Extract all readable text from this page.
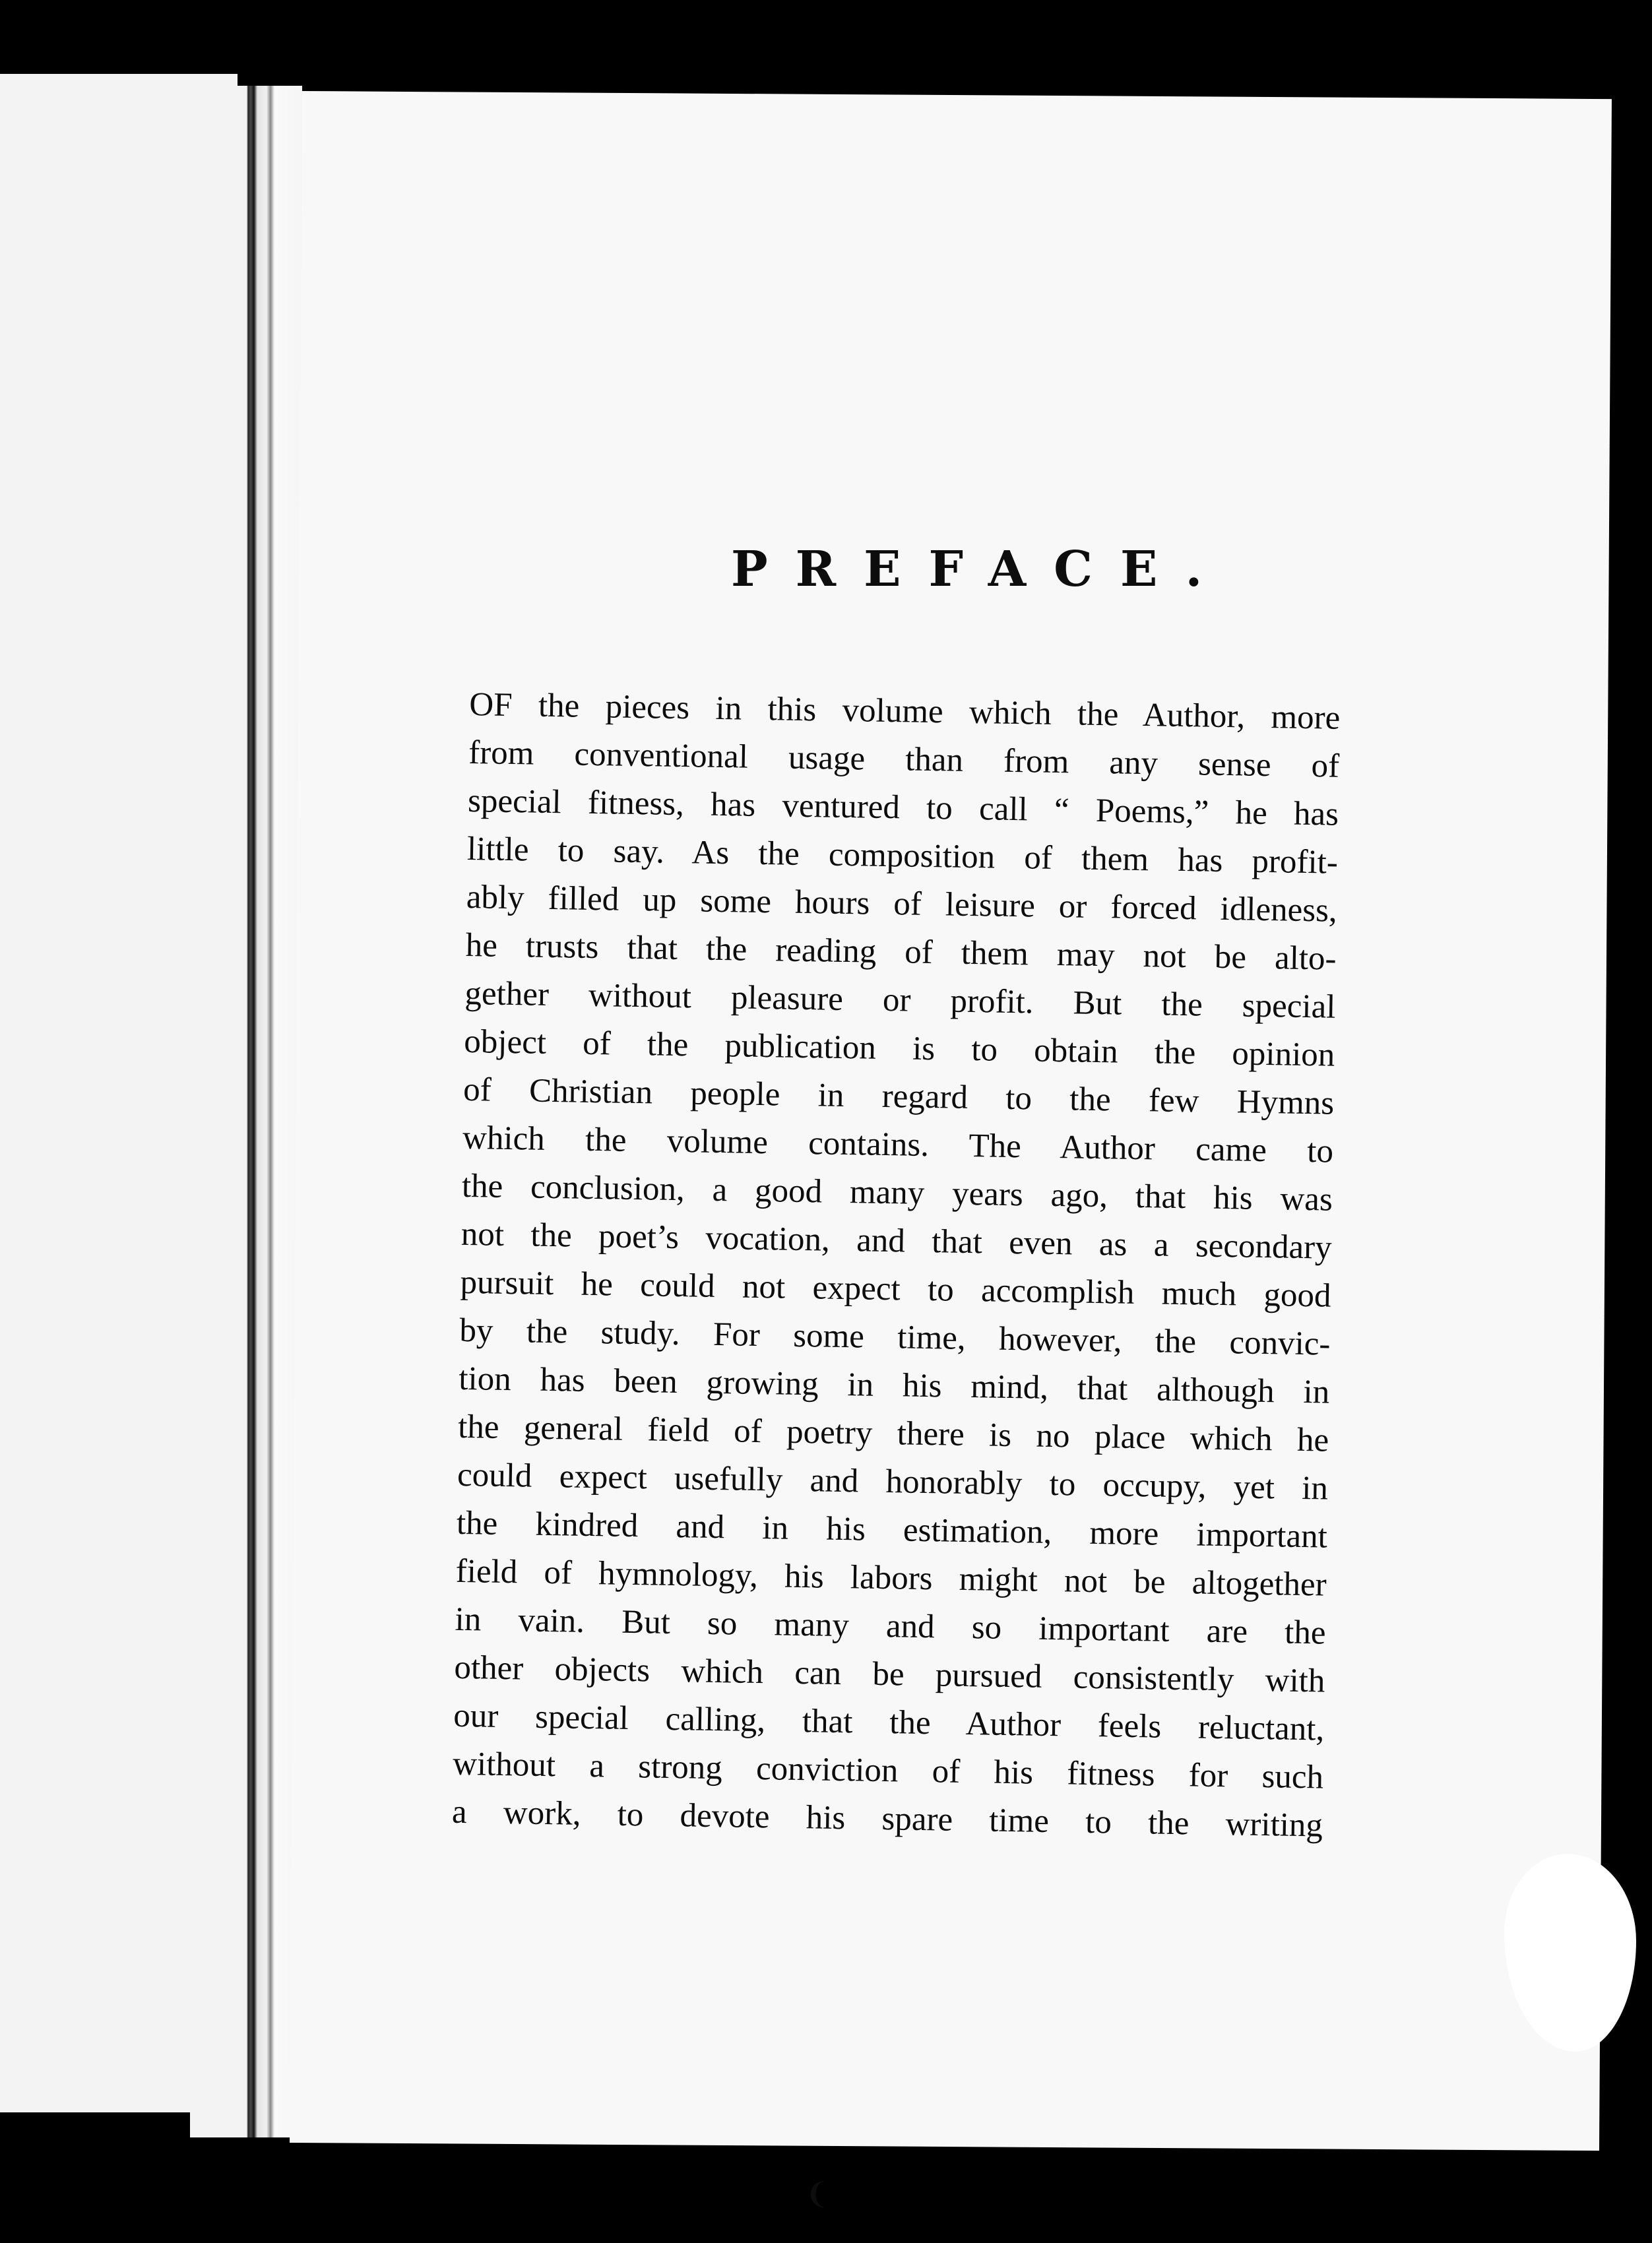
PREFACE.
OF the pieces in this volume which the Author, more
from conventional usage than from any sense of
special fitness, has ventured to call “ Poems,” he has
little to say. As the composition of them has profit-
ably filled up some hours of leisure or forced idleness,
he trusts that the reading of them may not be alto-
gether without pleasure or profit. But the special
object of the publication is to obtain the opinion
of Christian people in regard to the few Hymns
which the volume contains. The Author came to
the conclusion, a good many years ago, that his was
not the poet’s vocation, and that even as a secondary
pursuit he could not expect to accomplish much good
by the study. For some time, however, the convic-
tion has been growing in his mind, that although in
the general field of poetry there is no place which he
could expect usefully and honorably to occupy, yet in
the kindred and in his estimation, more important
field of hymnology, his labors might not be altogether
in vain. But so many and so important are the
other objects which can be pursued consistently with
our special calling, that the Author feels reluctant,
without a strong conviction of his fitness for such
a work, to devote his spare time to the writing
❨
